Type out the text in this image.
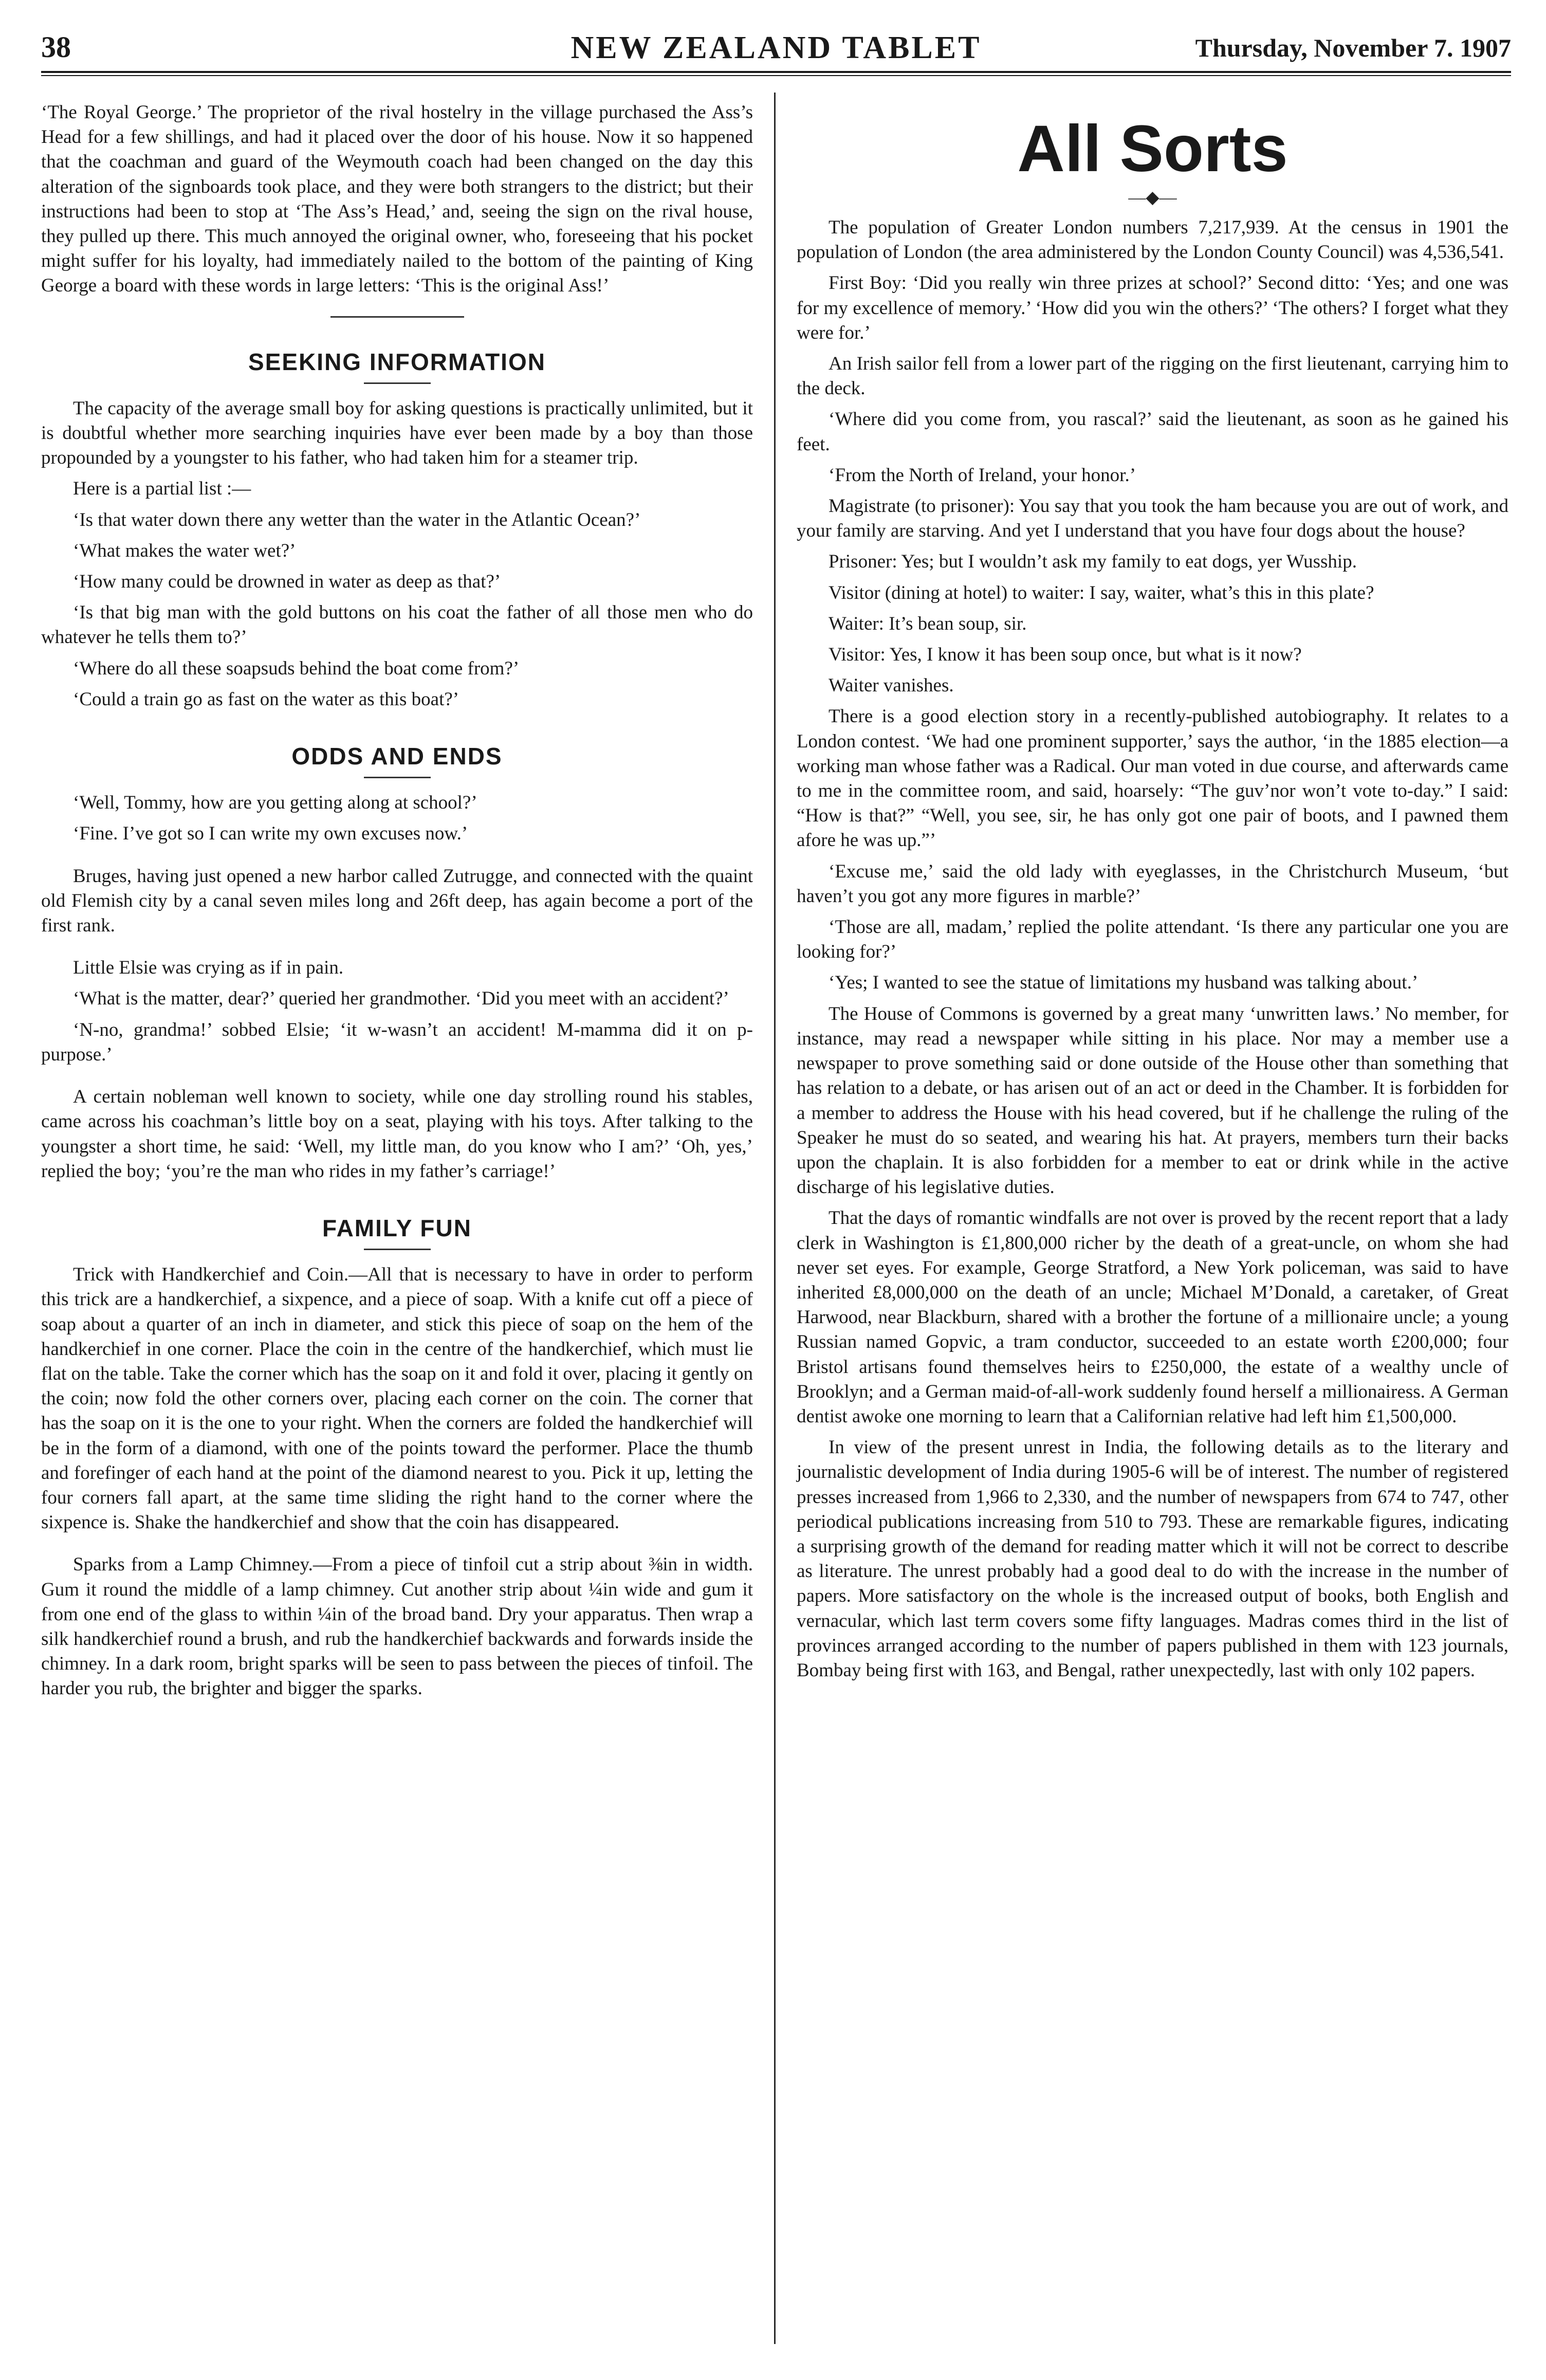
38	NEW ZEALAND TABLET	Thursday, November 7. 1907

‘The Royal George.’ The proprietor of the rival hostelry in the village purchased the Ass’s Head for a few shillings, and had it placed over the door of his house. Now it so happened that the coachman and guard of the Weymouth coach had been changed on the day this alteration of the signboards took place, and they were both strangers to the district; but their instructions had been to stop at ‘The Ass’s Head,’ and, seeing the sign on the rival house, they pulled up there. This much annoyed the original owner, who, foreseeing that his pocket might suffer for his loyalty, had immediately nailed to the bottom of the painting of King George a board with these words in large letters: ‘This is the original Ass!’

SEEKING INFORMATION

The capacity of the average small boy for asking questions is practically unlimited, but it is doubtful whether more searching inquiries have ever been made by a boy than those propounded by a youngster to his father, who had taken him for a steamer trip.

Here is a partial list :—

‘Is that water down there any wetter than the water in the Atlantic Ocean?’

‘What makes the water wet?’

‘How many could be drowned in water as deep as that?’

‘Is that big man with the gold buttons on his coat the father of all those men who do whatever he tells them to?’

‘Where do all these soapsuds behind the boat come from?’

‘Could a train go as fast on the water as this boat?’

ODDS AND ENDS

‘Well, Tommy, how are you getting along at school?’

‘Fine. I’ve got so I can write my own excuses now.’

Bruges, having just opened a new harbor called Zutrugge, and connected with the quaint old Flemish city by a canal seven miles long and 26ft deep, has again become a port of the first rank.

Little Elsie was crying as if in pain.

‘What is the matter, dear?’ queried her grandmother. ‘Did you meet with an accident?’

‘N-no, grandma!’ sobbed Elsie; ‘it w-wasn’t an accident! M-mamma did it on p-purpose.’

A certain nobleman well known to society, while one day strolling round his stables, came across his coachman’s little boy on a seat, playing with his toys. After talking to the youngster a short time, he said: ‘Well, my little man, do you know who I am?’ ‘Oh, yes,’ replied the boy; ‘you’re the man who rides in my father’s carriage!’

FAMILY FUN

Trick with Handkerchief and Coin.—All that is necessary to have in order to perform this trick are a handkerchief, a sixpence, and a piece of soap. With a knife cut off a piece of soap about a quarter of an inch in diameter, and stick this piece of soap on the hem of the handkerchief in one corner. Place the coin in the centre of the handkerchief, which must lie flat on the table. Take the corner which has the soap on it and fold it over, placing it gently on the coin; now fold the other corners over, placing each corner on the coin. The corner that has the soap on it is the one to your right. When the corners are folded the handkerchief will be in the form of a diamond, with one of the points toward the performer. Place the thumb and forefinger of each hand at the point of the diamond nearest to you. Pick it up, letting the four corners fall apart, at the same time sliding the right hand to the corner where the sixpence is. Shake the handkerchief and show that the coin has disappeared.

Sparks from a Lamp Chimney.—From a piece of tinfoil cut a strip about ⅜in in width. Gum it round the middle of a lamp chimney. Cut another strip about ¼in wide and gum it from one end of the glass to within ¼in of the broad band. Dry your apparatus. Then wrap a silk handkerchief round a brush, and rub the handkerchief backwards and forwards inside the chimney. In a dark room, bright sparks will be seen to pass between the pieces of tinfoil. The harder you rub, the brighter and bigger the sparks.

All Sorts
—◆—

The population of Greater London numbers 7,217,939. At the census in 1901 the population of London (the area administered by the London County Council) was 4,536,541.

First Boy: ‘Did you really win three prizes at school?’ Second ditto: ‘Yes; and one was for my excellence of memory.’ ‘How did you win the others?’ ‘The others? I forget what they were for.’

An Irish sailor fell from a lower part of the rigging on the first lieutenant, carrying him to the deck.

‘Where did you come from, you rascal?’ said the lieutenant, as soon as he gained his feet.

‘From the North of Ireland, your honor.’

Magistrate (to prisoner): You say that you took the ham because you are out of work, and your family are starving. And yet I understand that you have four dogs about the house?

Prisoner: Yes; but I wouldn’t ask my family to eat dogs, yer Wusship.

Visitor (dining at hotel) to waiter: I say, waiter, what’s this in this plate?

Waiter: It’s bean soup, sir.

Visitor: Yes, I know it has been soup once, but what is it now?

Waiter vanishes.

There is a good election story in a recently-published autobiography. It relates to a London contest. ‘We had one prominent supporter,’ says the author, ‘in the 1885 election—a working man whose father was a Radical. Our man voted in due course, and afterwards came to me in the committee room, and said, hoarsely: “The guv’nor won’t vote to-day.” I said: “How is that?” “Well, you see, sir, he has only got one pair of boots, and I pawned them afore he was up.”’

‘Excuse me,’ said the old lady with eyeglasses, in the Christchurch Museum, ‘but haven’t you got any more figures in marble?’

‘Those are all, madam,’ replied the polite attendant. ‘Is there any particular one you are looking for?’

‘Yes; I wanted to see the statue of limitations my husband was talking about.’

The House of Commons is governed by a great many ‘unwritten laws.’ No member, for instance, may read a newspaper while sitting in his place. Nor may a member use a newspaper to prove something said or done outside of the House other than something that has relation to a debate, or has arisen out of an act or deed in the Chamber. It is forbidden for a member to address the House with his head covered, but if he challenge the ruling of the Speaker he must do so seated, and wearing his hat. At prayers, members turn their backs upon the chaplain. It is also forbidden for a member to eat or drink while in the active discharge of his legislative duties.

That the days of romantic windfalls are not over is proved by the recent report that a lady clerk in Washington is £1,800,000 richer by the death of a great-uncle, on whom she had never set eyes. For example, George Stratford, a New York policeman, was said to have inherited £8,000,000 on the death of an uncle; Michael M’Donald, a caretaker, of Great Harwood, near Blackburn, shared with a brother the fortune of a millionaire uncle; a young Russian named Gopvic, a tram conductor, succeeded to an estate worth £200,000; four Bristol artisans found themselves heirs to £250,000, the estate of a wealthy uncle of Brooklyn; and a German maid-of-all-work suddenly found herself a millionairess. A German dentist awoke one morning to learn that a Californian relative had left him £1,500,000.

In view of the present unrest in India, the following details as to the literary and journalistic development of India during 1905-6 will be of interest. The number of registered presses increased from 1,966 to 2,330, and the number of newspapers from 674 to 747, other periodical publications increasing from 510 to 793. These are remarkable figures, indicating a surprising growth of the demand for reading matter which it will not be correct to describe as literature. The unrest probably had a good deal to do with the increase in the number of papers. More satisfactory on the whole is the increased output of books, both English and vernacular, which last term covers some fifty languages. Madras comes third in the list of provinces arranged according to the number of papers published in them with 123 journals, Bombay being first with 163, and Bengal, rather unexpectedly, last with only 102 papers.
